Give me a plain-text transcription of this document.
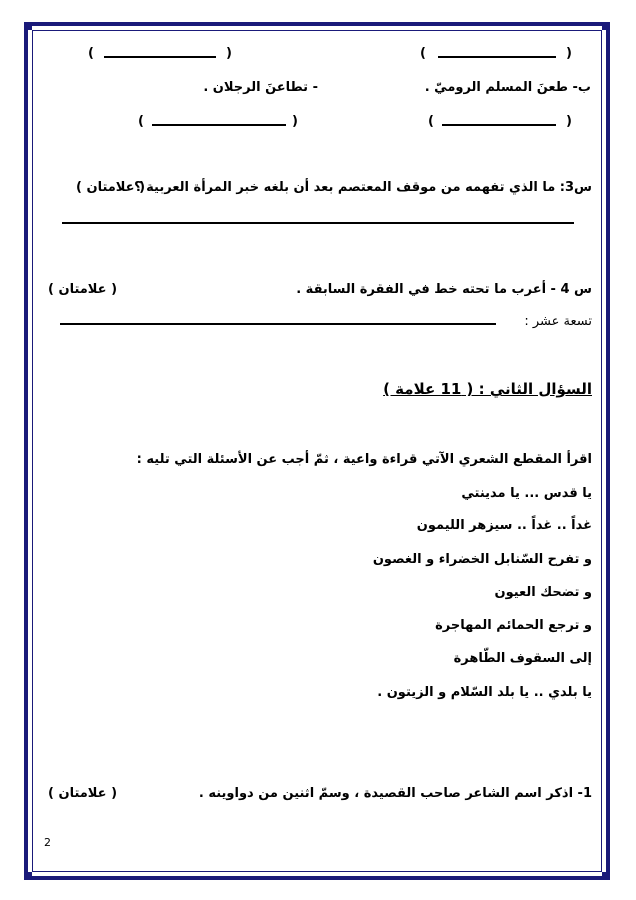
(	)	(	)
ب- طعنَ المسلم الروميّ .
- تطاعنَ الرجلان .
(	)	(	)
س3: ما الذي تفهمه من موقف المعتصم بعد أن بلغه خبر المرأة العربية ؟
( علامتان )
س 4 - أعرب ما تحته خط في الفقرة السابقة .
( علامتان )
تسعة عشر :
السؤال الثاني : ( 11 علامة )
اقرأ المقطع الشعري الآتي قراءة واعية ، ثمّ أجب عن الأسئلة التي تليه :
يا قدس ... يا مدينتي
غداً .. غداً .. سيزهر الليمون
و تفرح السّنابل الخضراء و الغصون
و تضحك العيون
و ترجع الحمائم المهاجرة
إلى السقوف الطّاهرة
يا بلدي .. يا بلد السّلام و الزيتون .
1- اذكر اسم الشاعر صاحب القصيدة ، وسمّ اثنين من دواوينه .
( علامتان )
2
